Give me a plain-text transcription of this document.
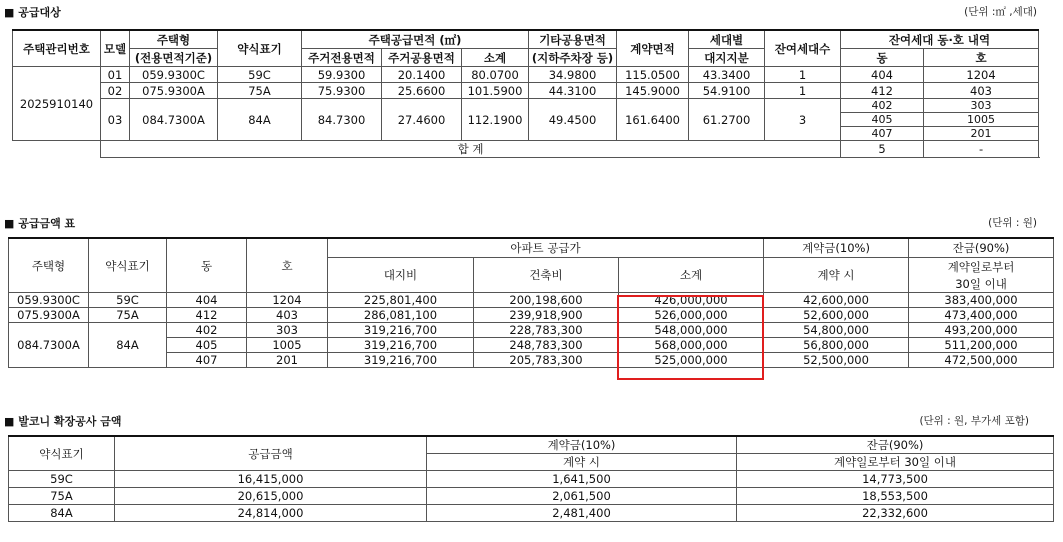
■ 공급대상	(단위 :㎡ ,세대)
주택관리번호	모델	주택형	약식표기	주택공급면적 (㎡)			기타공용면적	계약면적	세대별	잔여세대수	잔여세대 동·호 내역	
		(전용면적기준)		주거전용면적	주거공용면적	소계	(지하주차장 등)		대지지분		동	호
2025910140	01	059.9300C	59C	59.9300	20.1400	80.0700	34.9800	115.0500	43.3400	1	404	1204
	02	075.9300A	75A	75.9300	25.6600	101.5900	44.3100	145.9000	54.9100	1	412	403
	03	084.7300A	84A	84.7300	27.4600	112.1900	49.4500	161.6400	61.2700	3	402	303
											405	1005
											407	201
	합 계										5	-
■ 공급금액 표	(단위 : 원)
주택형	약식표기	동	호	아파트 공급가			계약금(10%)	잔금(90%)
				대지비	건축비	소계	계약 시	계약일로부터
								30일 이내
059.9300C	59C	404	1204	225,801,400	200,198,600	426,000,000	42,600,000	383,400,000
075.9300A	75A	412	403	286,081,100	239,918,900	526,000,000	52,600,000	473,400,000
084.7300A	84A	402	303	319,216,700	228,783,300	548,000,000	54,800,000	493,200,000
		405	1005	319,216,700	248,783,300	568,000,000	56,800,000	511,200,000
		407	201	319,216,700	205,783,300	525,000,000	52,500,000	472,500,000
■ 발코니 확장공사 금액	(단위 : 원, 부가세 포함)
약식표기	공급금액	계약금(10%)	잔금(90%)
		계약 시	계약일로부터 30일 이내
59C	16,415,000	1,641,500	14,773,500
75A	20,615,000	2,061,500	18,553,500
84A	24,814,000	2,481,400	22,332,600
